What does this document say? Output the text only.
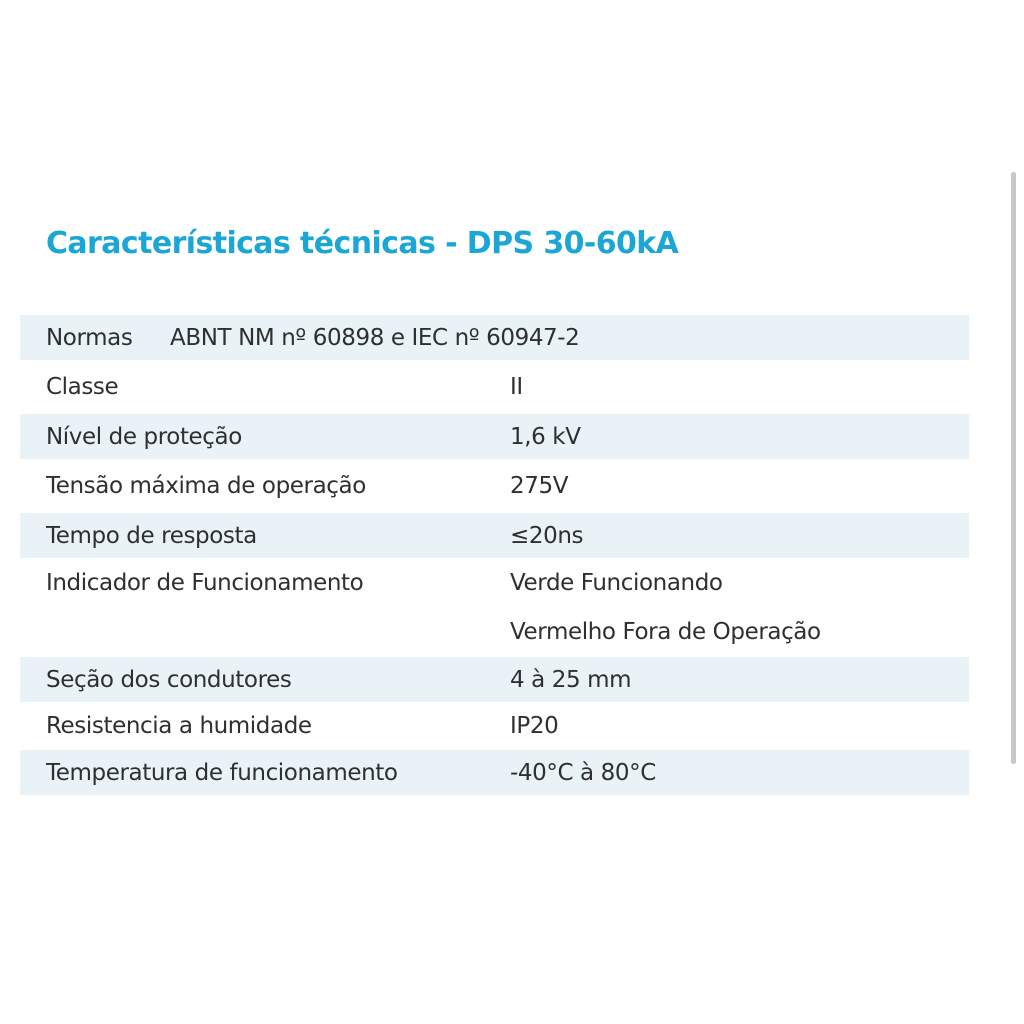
Características técnicas - DPS 30-60kA
Normas ABNT NM nº 60898 e IEC nº 60947-2
Classe	II
Nível de proteção	1,6 kV
Tensão máxima de operação	275V
Tempo de resposta	≤20ns
Indicador de Funcionamento	Verde Funcionando
Vermelho Fora de Operação
Seção dos condutores	4 à 25 mm
Resistencia a humidade	IP20
Temperatura de funcionamento	-40°C à 80°C
